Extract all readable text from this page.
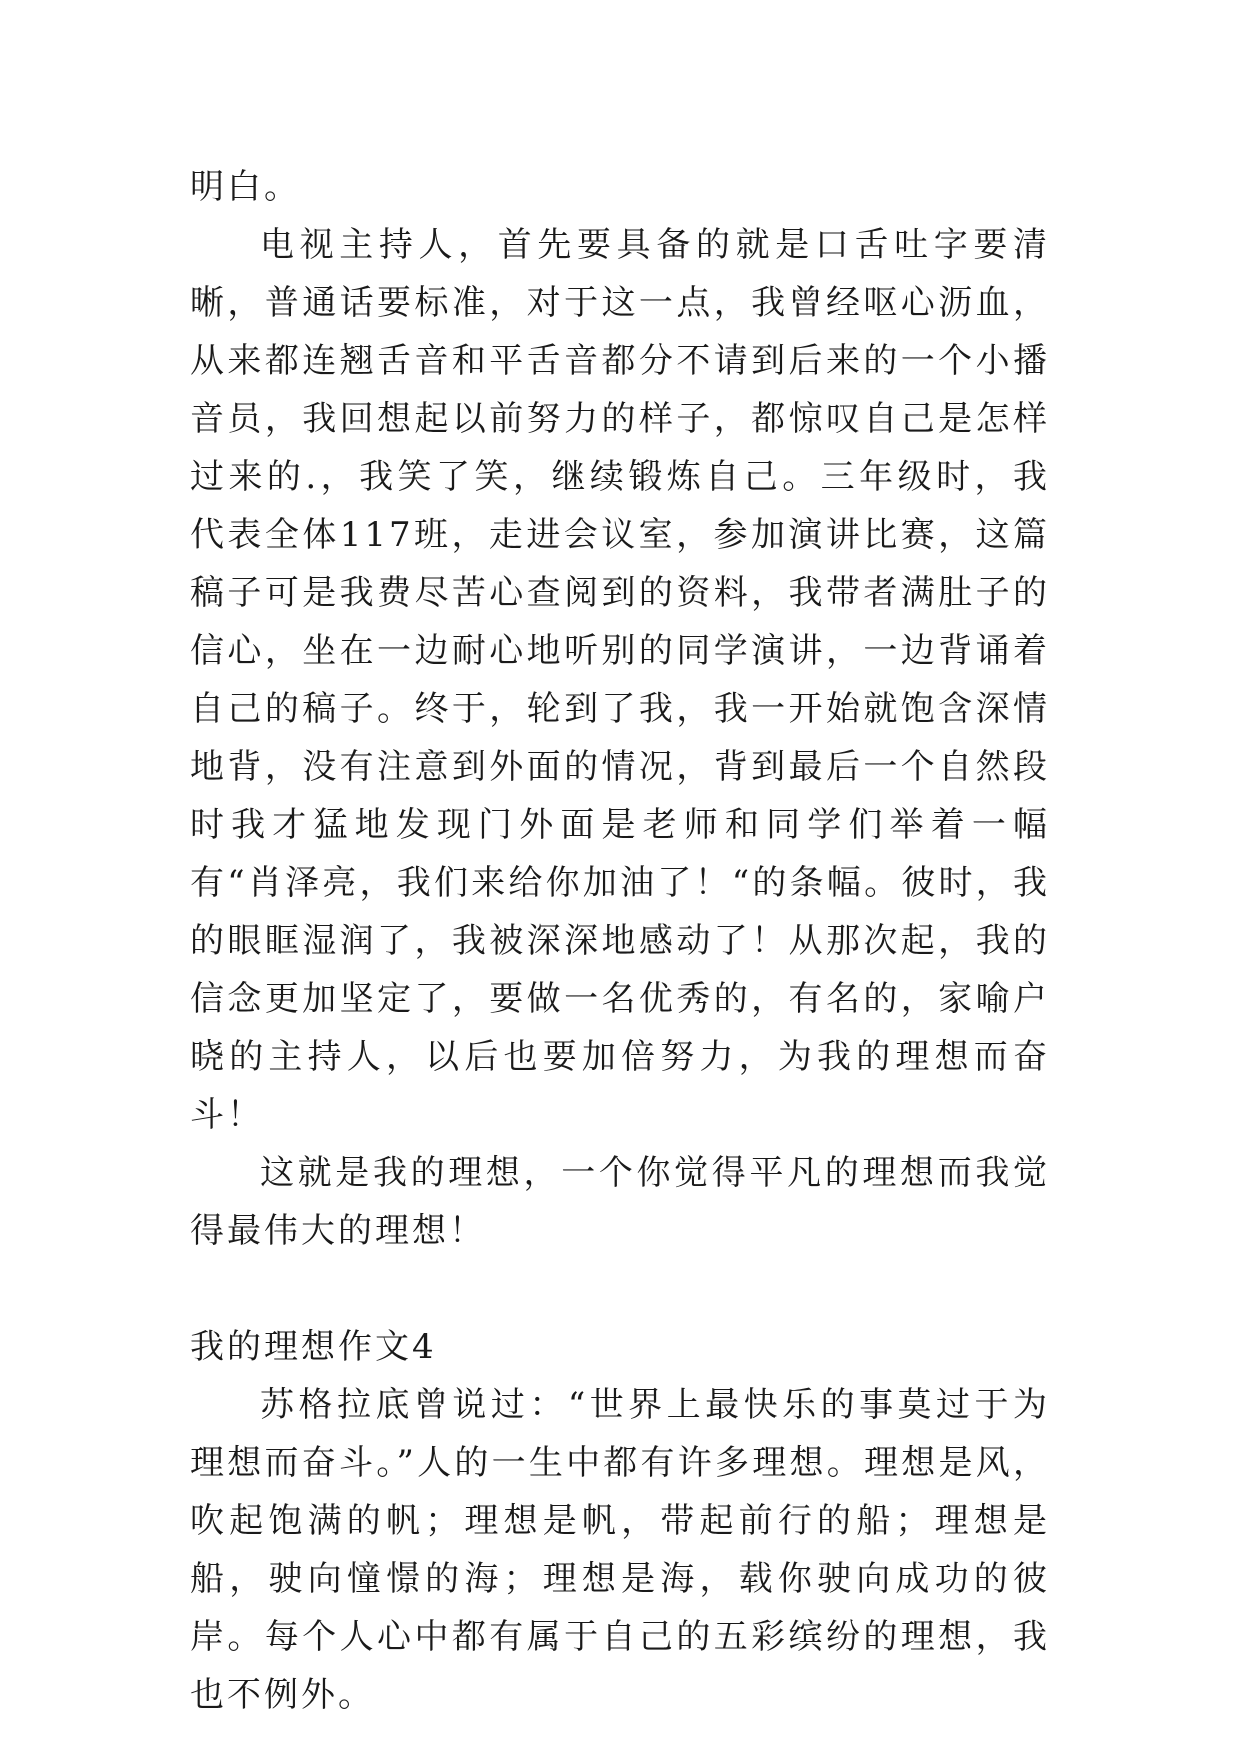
明白。

电视主持人，首先要具备的就是口舌吐字要清晰，普通话要标准，对于这一点，我曾经呕心沥血，从来都连翘舌音和平舌音都分不请到后来的一个小播音员，我回想起以前努力的样子，都惊叹自己是怎样过来的.，我笑了笑，继续锻炼自己。三年级时，我代表全体117班，走进会议室，参加演讲比赛，这篇稿子可是我费尽苦心查阅到的资料，我带者满肚子的信心，坐在一边耐心地听别的同学演讲，一边背诵着自己的稿子。终于，轮到了我，我一开始就饱含深情地背，没有注意到外面的情况，背到最后一个自然段时我才猛地发现门外面是老师和同学们举着一幅有“肖泽亮，我们来给你加油了！“的条幅。彼时，我的眼眶湿润了，我被深深地感动了！从那次起，我的信念更加坚定了，要做一名优秀的，有名的，家喻户晓的主持人，以后也要加倍努力，为我的理想而奋斗！

这就是我的理想，一个你觉得平凡的理想而我觉得最伟大的理想！

我的理想作文4

苏格拉底曾说过：“世界上最快乐的事莫过于为理想而奋斗。”人的一生中都有许多理想。理想是风，吹起饱满的帆；理想是帆，带起前行的船；理想是船，驶向憧憬的海；理想是海，载你驶向成功的彼岸。每个人心中都有属于自己的五彩缤纷的理想，我也不例外。
